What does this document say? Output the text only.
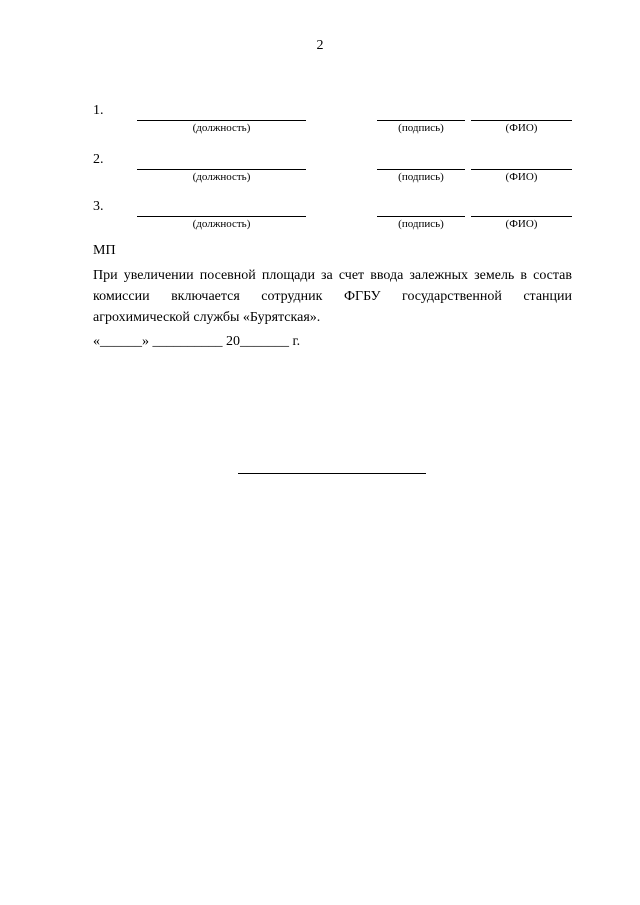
2
1.
(должность)	(подпись)	(ФИО)
2.
(должность)	(подпись)	(ФИО)
3.
(должность)	(подпись)	(ФИО)
МП
При увеличении посевной площади за счет ввода залежных земель в состав комиссии включается сотрудник ФГБУ государственной станции агрохимической службы «Бурятская».
«______» __________ 20_______ г.
